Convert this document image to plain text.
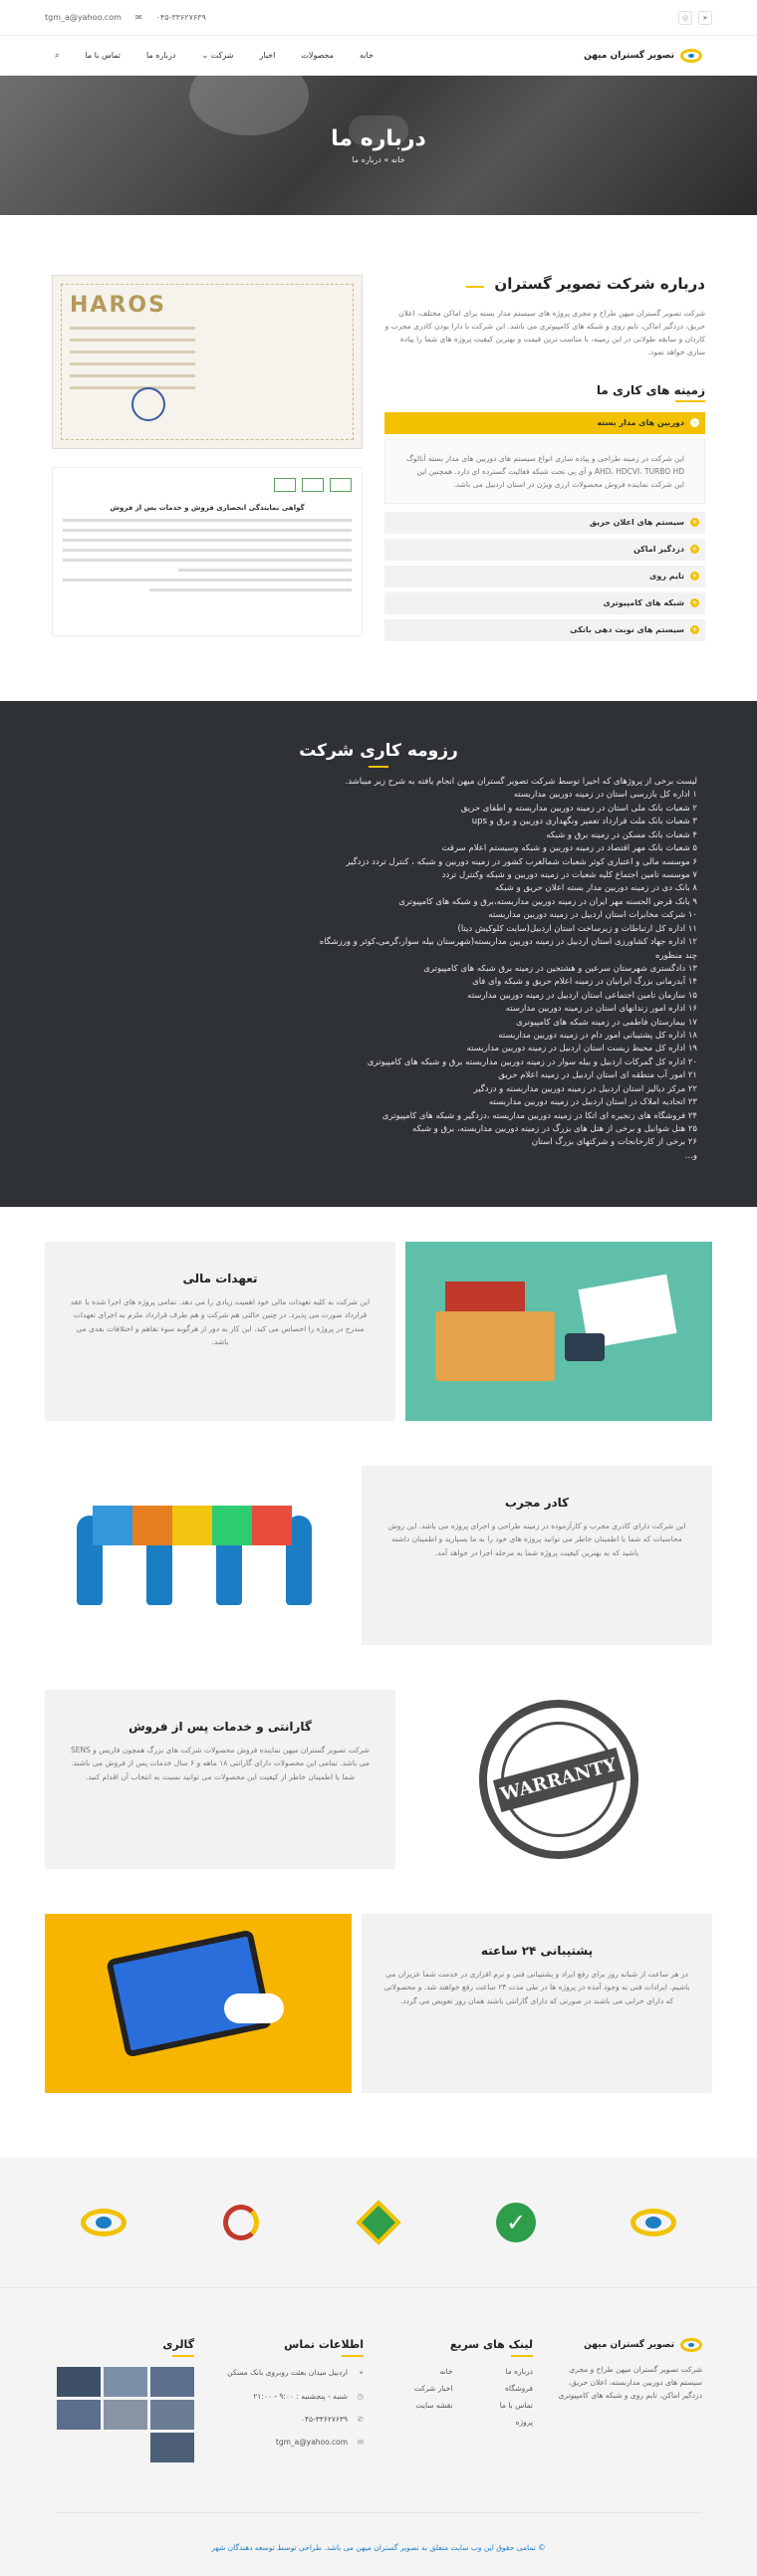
tgm_a@yahoo.com ✉ ۰۴۵-۳۳۶۲۷۶۳۹	◎	➤
تصویر گستران میهن
خانه
محصولات
اخبار
شرکت ⌄
درباره ما
تماس با ما
⌕
درباره ما
خانه » درباره ما
درباره شرکت تصویر گستران

شرکت تصویر گستران میهن طراح و مجری پروژه های سیستم مدار بسته برای اماکن مختلف، اعلان حریق، دزدگیر اماکن، تایم روی و شبکه های کامپیوتری می باشد. این شرکت با دارا بودن کادری مجرب و کاردان و سابقه طولانی در این زمینه، با مناسب ترین قیمت و بهترین کیفیت پروژه های شما را پیاده سازی خواهد نمود.

زمینه های کاری ما
−
دوربین های مدار بسته
این شرکت در زمینه طراحی و پیاده سازی انواع سیستم های دوربین های مدار بسته آنالوگ AHD، HDCVI، TURBO HD و آی پی تحت شبکه فعالیت گسترده ای دارد. همچنین این این شرکت نماینده فروش محصولات ارزی ویژن در استان اردبیل می باشد.
+
سیستم های اعلان حریق
+
دزدگیر اماکن
+
تایم روی
+
شبکه های کامپیوتری
+
سیستم های نوبت دهی بانکی
HAROS
گواهی نمایندگی انحصاری فروش و خدمات پس از فروش
رزومه کاری شرکت

لیست برخی از پروژهای که اخیرا توسط شرکت تصویر گستران میهن انجام یافته به شرح زیر میباشد.

۱ اداره کل بازرسی استان در زمینه دوربین مداربسته
۲ شعبات بانک ملی استان در زمینه دوربین مداربسته و اطفای حریق
۳ شعبات بانک ملت قرارداد تعمیر ونگهداری دوربین و برق و ups
۴ شعبات بانک مسکن در زمینه برق و شبکه
۵ شعبات بانک مهر اقتصاد در زمینه دوربین و شبکه وسیستم اعلام سرقت
۶ موسسه مالی و اعتباری کوثر شعبات شمالغرب کشور در زمینه دوربین و شبکه ، کنترل تردد دزدگیر
۷ موسسه تامین اجتماع کلیه شعبات در زمینه دوربین و شبکه وکنترل تردد
۸ بانک دی در زمینه دوربین مدار بسته اعلان حریق و شبکه
۹ بانک قرض الحسنه مهر ایران در زمینه دوربین مداربسته،برق و شبکه های کامپیوتری
۱۰ شرکت مخابرات استان اردبیل در زمینه دوربین مداربسته
۱۱ اداره کل ارتباطات و زیرساخت استان اردبیل(سایت کلوکیش دیتا)
۱۲ اداره جهاد کشاورزی استان اردبیل در زمینه دوربین مداربسته(شهرستان بیله سوار،گرمی،کوثر و ورزشگاه
چند منظوره
۱۳ دادگستری شهرستان سرعین و هشتجین در زمینه برق شبکه های کامپیوتری
۱۴ آبدرمانی بزرگ ایرانیان در زمینه اعلام حریق و شبکه وای فای
۱۵ سازمان تامین اجتماعی استان اردبیل در زمینه دوربین مدارسته
۱۶ اداره امور زندانهای استان در زمینه دوربین مدارسته
۱۷ بیمارستان فاطمی در زمینه شبکه های کامپیوتری
۱۸ اداره کل پشتیبانی امور دام در زمینه دوربین مداربسته
۱۹ اداره کل محیط زیست استان اردبیل در زمینه دوربین مداربسته
۲۰ اداره کل گمرکات اردبیل و بیله سوار در زمینه دوربین مداربسته برق و شبکه های کامپیوتری
۲۱ امور آب منطقه ای استان اردبیل در زمینه اعلام حریق
۲۲ مرکز دیالیز استان اردبیل در زمینه دوربین مداربسته و دزدگیر
۲۳ اتحادیه املاک در استان اردبیل در زمینه دوربین مداربسته
۲۴ فروشگاه های زنجیره ای اتکا در زمینه دوربین مداربسته ،دزدگیر و شبکه های کامپیوتری
۲۵ هتل شوانیل و برخی از هتل های بزرگ در زمینه دوربین مداربسته، برق و شبکه
۲۶ برخی از کارخانجات و شرکتهای بزرگ استان
و...
تعهدات مالی

این شرکت به کلیه تعهدات مالی خود اهمیت زیادی را می دهد. تمامی پروژه های اجرا شده با عقد قرارداد صورت می پذیرد. در چنین حالتی هم شرکت و هم طرف قرارداد ملزم به اجرای تعهدات مندرج در پروژه را احساس می کند. این کار به دور از هرگونه سوء تفاهم و اختلافات بعدی می باشد.

کادر مجرب

این شرکت دارای کادری مجرب و کارآزموده در زمینه طراحی و اجرای پروژه می باشد. این روش محاسبات که شما با اطمینان خاطر می توانید پروژه های خود را به ما بسپارید و اطمینان داشته باشید که به بهترین کیفیت پروژه شما به مرحله اجرا در خواهد آمد.

WARRANTY
گارانتی و خدمات پس از فروش

شرکت تصویر گستران میهن نماینده فروش محصولات شرکت های بزرگ همچون فاریس و SENS می باشد. تمامی این محصولات دارای گارانتی ۱۸ ماهه و ۶ سال خدمات پس از فروش می باشند. شما با اطمینان خاطر از کیفیت این محصولات می توانید نسبت به انتخاب آن اقدام کنید.

پشتیبانی ۲۴ ساعته

در هر ساعت از شبانه روز برای رفع ایراد و پشتیبانی فنی و نرم افزاری در خدمت شما عزیزان می باشیم. ایرادات فنی به وجود آمده در پروژه ها در طی مدت ۲۴ ساعت رفع خواهند شد. و محصولاتی که دارای خرابی می باشند در صورتی که دارای گارانتی باشند همان روز تعویض می گردد.

✓
تصویر گستران میهن

شرکت تصویر گستران میهن طراح و مجری سیستم های دوربین مداربسته، اعلان حریق، دزدگیر اماکن، تایم روی و شبکه های کامپیوتری

لینک های سریع
درباره ما
خانه
فروشگاه
اخبار شرکت
تماس با ما
نقشه سایت
پروژه
اطلاعات تماس
⌖
اردبیل میدان بعثت روبروی بانک مسکن
◷
شنبه - پنجشنبه : ۹:۰۰ - ۲۱:۰۰
✆
۰۴۵-۳۳۶۲۷۶۳۹
✉
tgm_a@yahoo.com
گالری
© تمامی حقوق این وب سایت متعلق به تصویر گستران میهن می باشد. طراحی توسط توسعه دهندگان شهر
